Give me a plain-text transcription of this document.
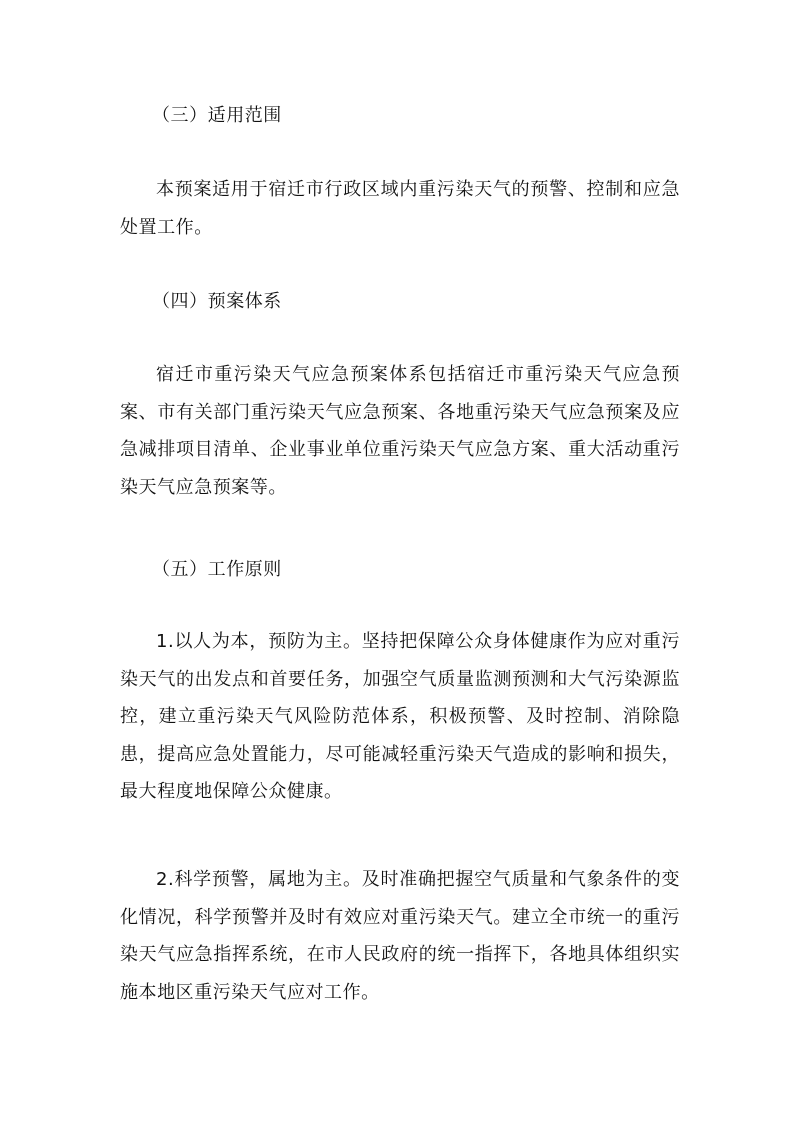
（三）适用范围

本预案适用于宿迁市行政区域内重污染天气的预警、控制和应急处置工作。

（四）预案体系

宿迁市重污染天气应急预案体系包括宿迁市重污染天气应急预案、市有关部门重污染天气应急预案、各地重污染天气应急预案及应急减排项目清单、企业事业单位重污染天气应急方案、重大活动重污染天气应急预案等。

（五）工作原则

1.以人为本，预防为主。坚持把保障公众身体健康作为应对重污染天气的出发点和首要任务，加强空气质量监测预测和大气污染源监控，建立重污染天气风险防范体系，积极预警、及时控制、消除隐患，提高应急处置能力，尽可能减轻重污染天气造成的影响和损失，最大程度地保障公众健康。

2.科学预警，属地为主。及时准确把握空气质量和气象条件的变化情况，科学预警并及时有效应对重污染天气。建立全市统一的重污染天气应急指挥系统，在市人民政府的统一指挥下，各地具体组织实施本地区重污染天气应对工作。
